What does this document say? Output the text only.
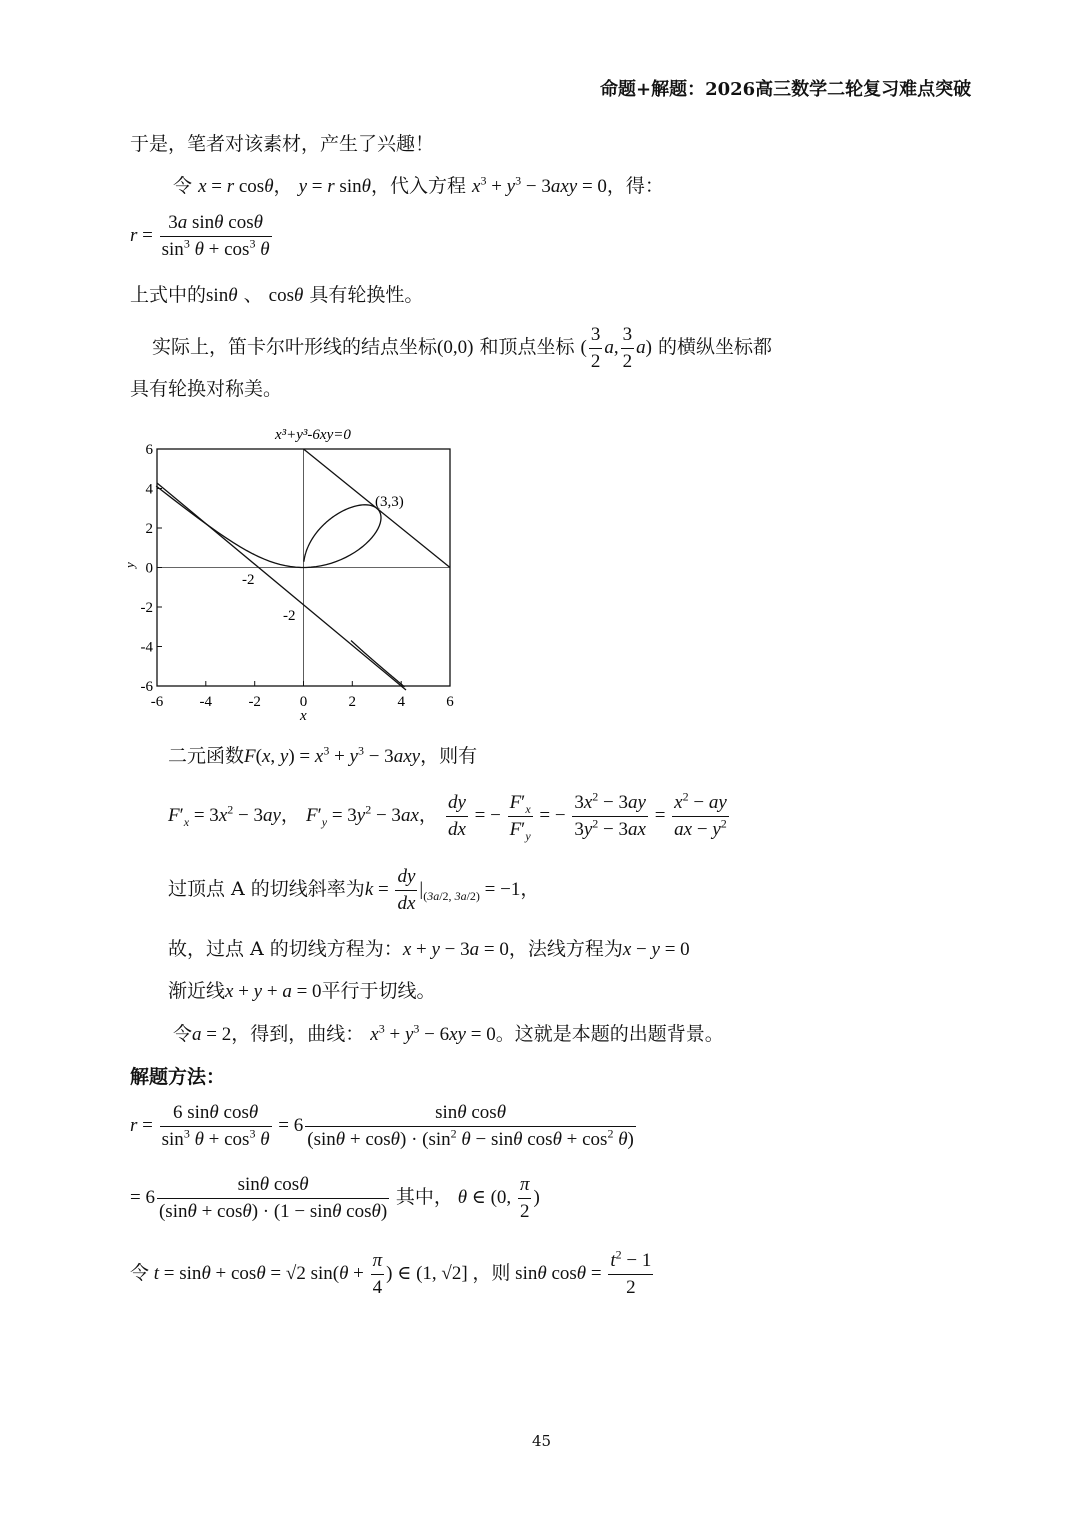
命题+解题：2026高三数学二轮复习难点突破
于是，笔者对该素材，产生了兴趣！
令 x = r cosθ， y = r sinθ，代入方程 $x^3 + y^3 - 3axy = 0$，得：
$r = \frac{\text{3a sinθ cosθ}}{\sin^3 \theta + \cos^3 \theta}$
上式中的sinθ 、 cosθ 具有轮换性。
实际上，笛卡尔叶形线的结点坐标(0,0) 和顶点坐标 ( $\frac{3}{2} a$, $\frac{3}{2} a$) 的横纵坐标都
具有轮换对称美。
x³+y³-6xy=0
-6 -4 -2	0	2	4	6
x
6
4
2
0
-2
-4
-6
y
(3,3)
-2
-2
二元函数F(x, $y) = x^3 + y^3 - 3axy$，则有
$F'_x = 3x^2 - 3ay$， $F'_y = 3y^2 - 3ax$， $\frac{dy}{dx}$ = − $\frac{F'_x}{F'_y}$ = − $\frac{3x^2 - 3ay}{3y^2 - 3ax} = \frac{x^2 - ay}{ax - y^2}$
过顶点 A 的切线斜率为$k = \frac{dy}{dx} |_{(3a/2, 3a/2)} = -1$，
故，过点 A 的切线方程为：x + y − 3a = 0，法线方程为x − y = 0
渐近线x + y + a = 0平行于切线。
令a = 2，得到，曲线： $x^3 + y^3 - 6xy = 0$。这就是本题的出题背景。
解题方法：
$r = \frac{\text{6 sinθ cosθ}}{\sin^3 \theta + \cos^3 \theta} = 6 \frac{\text{sinθ cosθ}}{(\sin\theta + \cos\theta) \cdot (\sin^2 \theta - \sin\theta \cos\theta + \cos^2 \theta)}$
= $6 \frac{\text{sinθ cosθ}}{\text{(sinθ + cosθ) · (1 − sinθ cosθ)}}$ 其中， θ ∈ (0, $\frac{\pi}{2}$ )
令 t = sinθ + cosθ = √2 $\sin(\theta + \frac{\pi}{4}$ ) ∈ (1, √2] ，则 sinθ $\cos\theta = \frac{t^2 - 1}{2}$
45
